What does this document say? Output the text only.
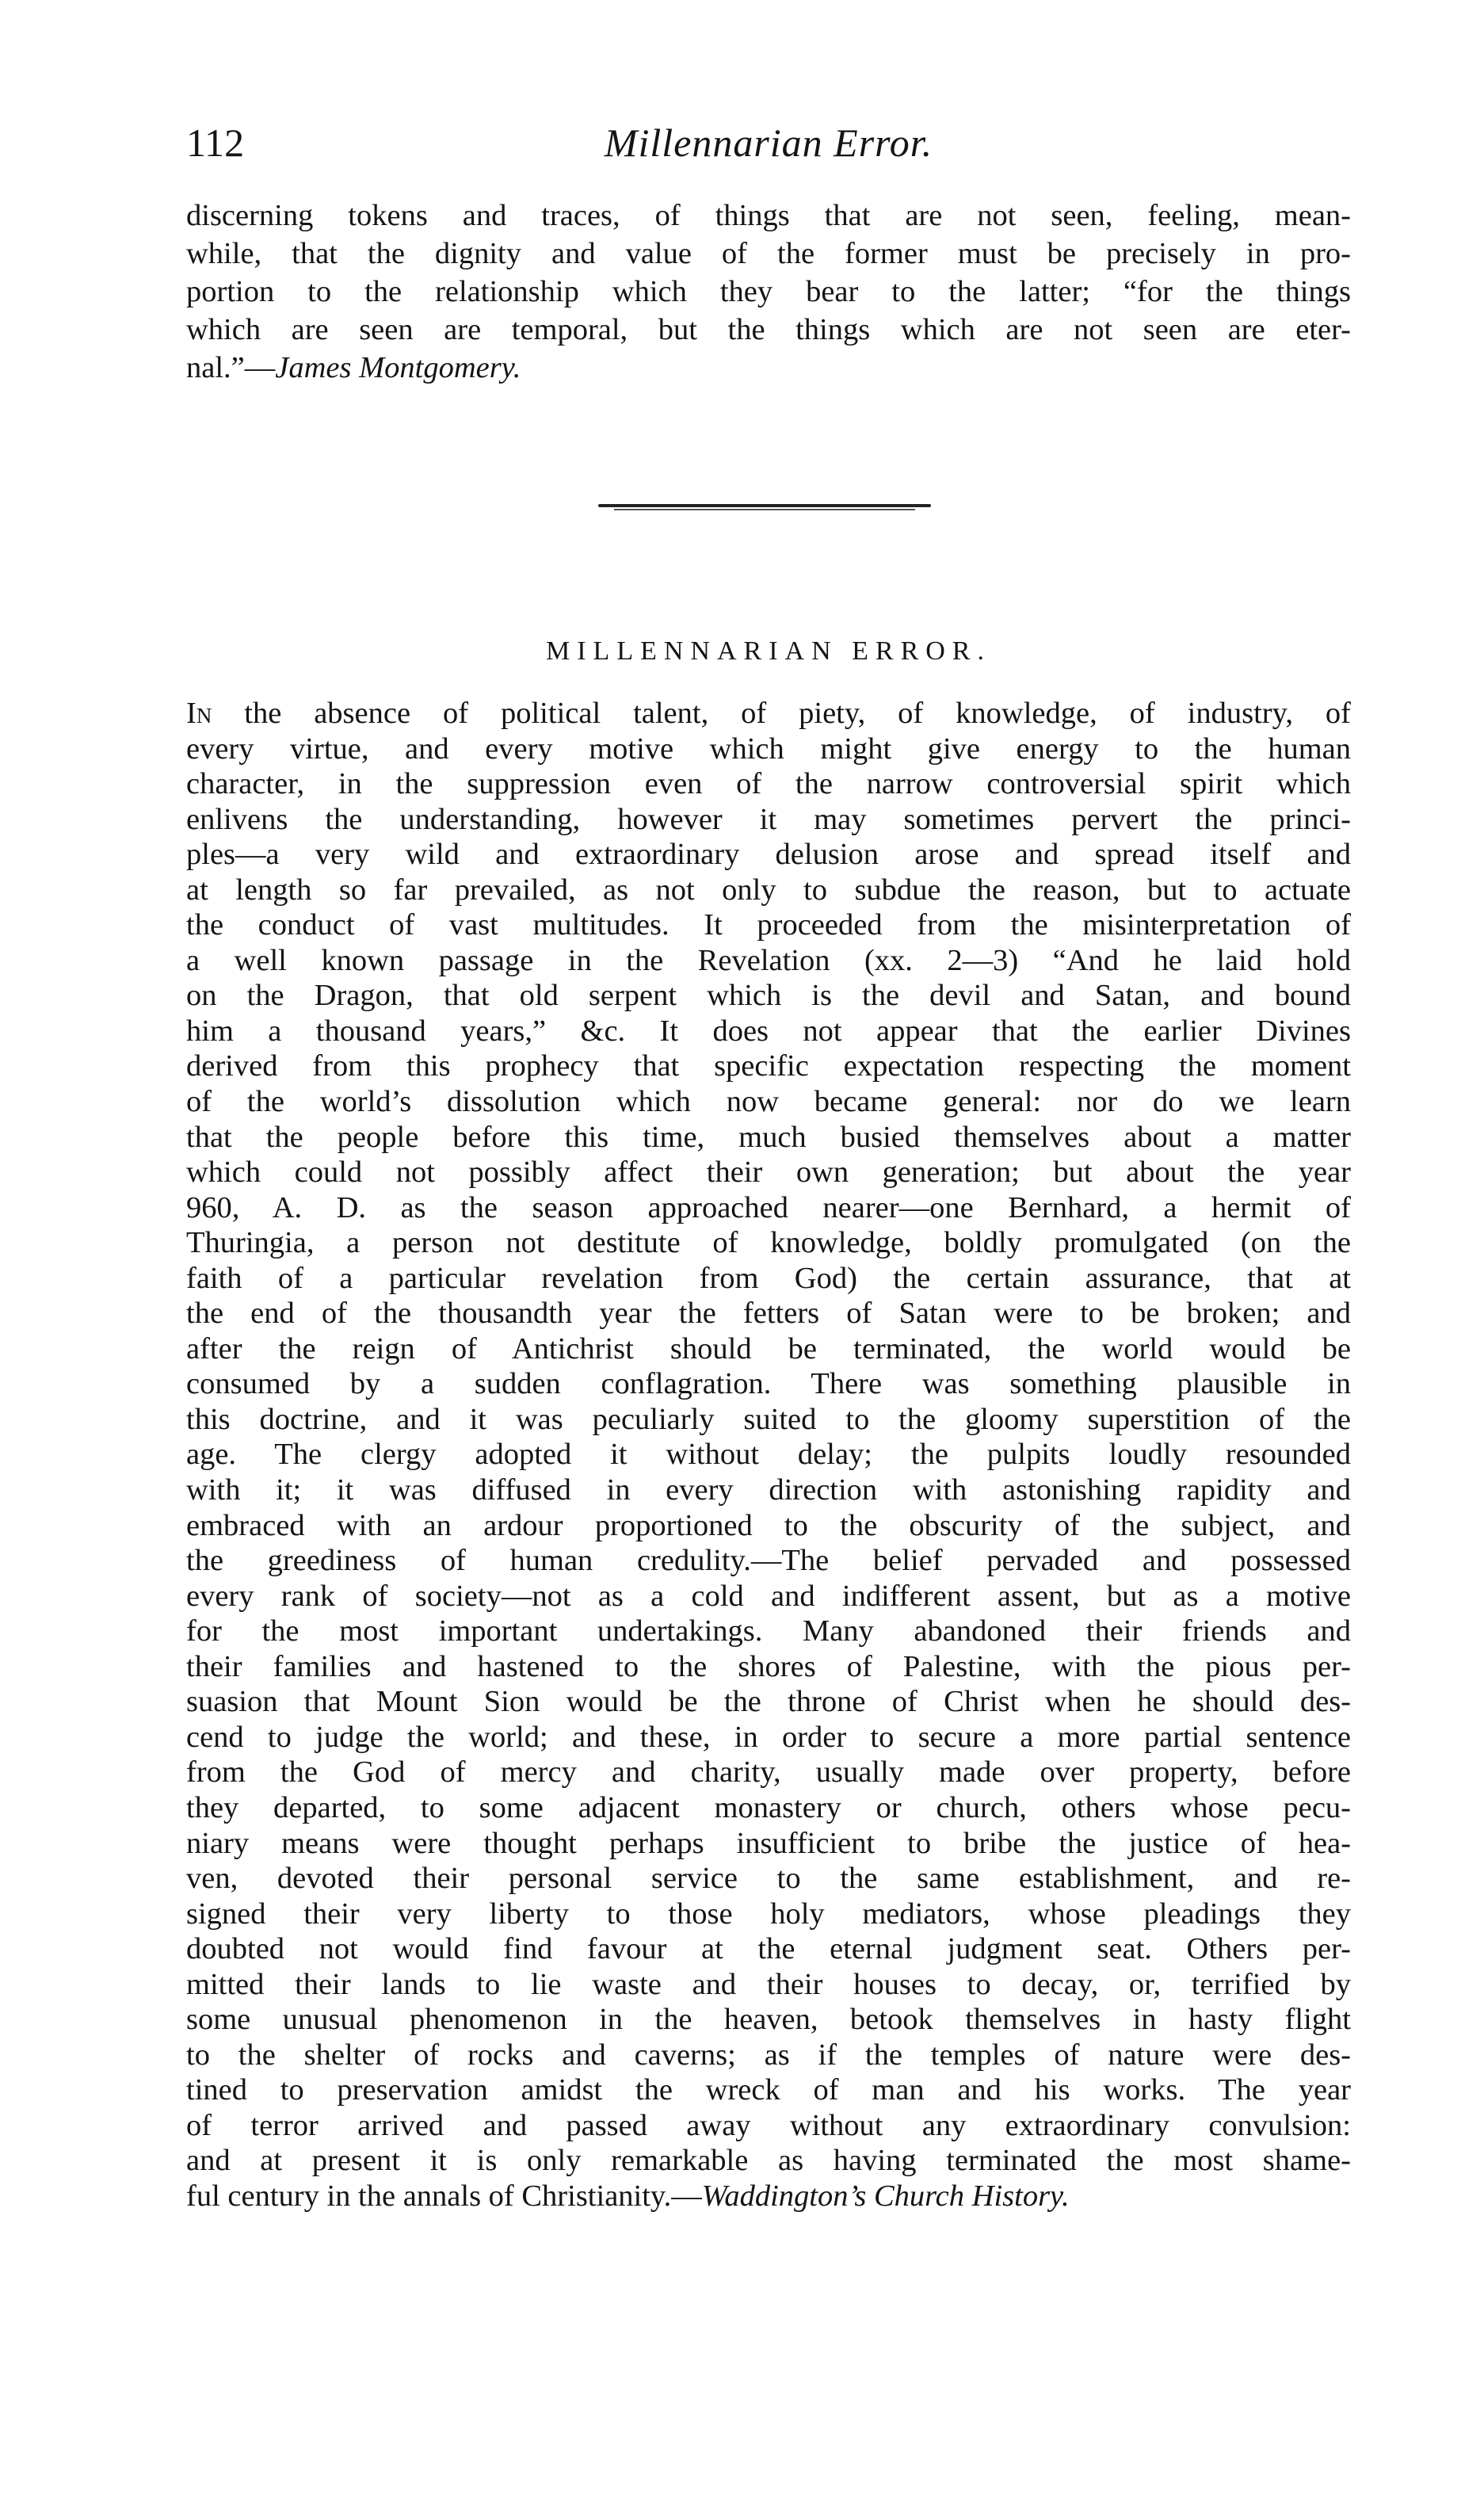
112	Millennarian Error.
discerning tokens and traces, of things that are not seen, feeling, mean-
while, that the dignity and value of the former must be precisely in pro-
portion to the relationship which they bear to the latter; “for the things
which are seen are temporal, but the things which are not seen are eter-
nal.”—James Montgomery.
MILLENNARIAN ERROR.
In the absence of political talent, of piety, of knowledge, of industry, of
every virtue, and every motive which might give energy to the human
character, in the suppression even of the narrow controversial spirit which
enlivens the understanding, however it may sometimes pervert the princi-
ples—a very wild and extraordinary delusion arose and spread itself and
at length so far prevailed, as not only to subdue the reason, but to actuate
the conduct of vast multitudes. It proceeded from the misinterpretation of
a well known passage in the Revelation (xx. 2—3) “And he laid hold
on the Dragon, that old serpent which is the devil and Satan, and bound
him a thousand years,” &c. It does not appear that the earlier Divines
derived from this prophecy that specific expectation respecting the moment
of the world’s dissolution which now became general: nor do we learn
that the people before this time, much busied themselves about a matter
which could not possibly affect their own generation; but about the year
960, A. D. as the season approached nearer—one Bernhard, a hermit of
Thuringia, a person not destitute of knowledge, boldly promulgated (on the
faith of a particular revelation from God) the certain assurance, that at
the end of the thousandth year the fetters of Satan were to be broken; and
after the reign of Antichrist should be terminated, the world would be
consumed by a sudden conflagration. There was something plausible in
this doctrine, and it was peculiarly suited to the gloomy superstition of the
age. The clergy adopted it without delay; the pulpits loudly resounded
with it; it was diffused in every direction with astonishing rapidity and
embraced with an ardour proportioned to the obscurity of the subject, and
the greediness of human credulity.—The belief pervaded and possessed
every rank of society—not as a cold and indifferent assent, but as a motive
for the most important undertakings. Many abandoned their friends and
their families and hastened to the shores of Palestine, with the pious per-
suasion that Mount Sion would be the throne of Christ when he should des-
cend to judge the world; and these, in order to secure a more partial sentence
from the God of mercy and charity, usually made over property, before
they departed, to some adjacent monastery or church, others whose pecu-
niary means were thought perhaps insufficient to bribe the justice of hea-
ven, devoted their personal service to the same establishment, and re-
signed their very liberty to those holy mediators, whose pleadings they
doubted not would find favour at the eternal judgment seat. Others per-
mitted their lands to lie waste and their houses to decay, or, terrified by
some unusual phenomenon in the heaven, betook themselves in hasty flight
to the shelter of rocks and caverns; as if the temples of nature were des-
tined to preservation amidst the wreck of man and his works. The year
of terror arrived and passed away without any extraordinary convulsion:
and at present it is only remarkable as having terminated the most shame-
ful century in the annals of Christianity.—Waddington’s Church History.
